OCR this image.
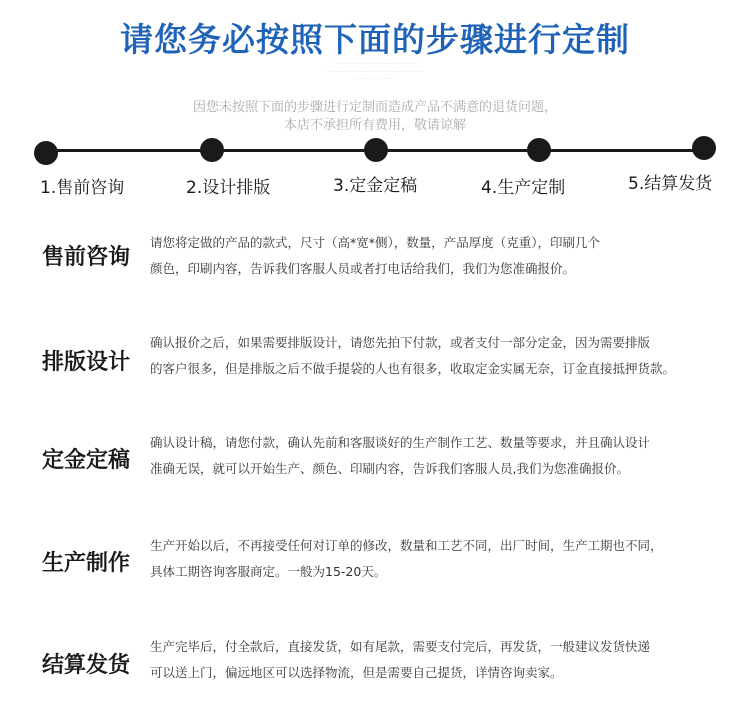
请您务必按照下面的步骤进行定制
··· ···· ··· ·· ······ ···· ··· ····· ···· ···· ·· ···· ··· ······
··· ···· ······ ··· ·· ····· ···· ··· ··· ····· ··· ······ ···· ·· ··· ·····
···· ····· ··· ···· ·· ···· ·····
因您未按照下面的步骤进行定制而造成产品不满意的退货问题，
本店不承担所有费用，敬请谅解
1.售前咨询	2.设计排版	3.定金定稿	4.生产定制	5.结算发货
售前咨询
请您将定做的产品的款式，尺寸（高*宽*侧），数量，产品厚度（克重），印刷几个
颜色，印刷内容，告诉我们客服人员或者打电话给我们，我们为您准确报价。
排版设计
确认报价之后，如果需要排版设计，请您先拍下付款，或者支付一部分定金，因为需要排版
的客户很多，但是排版之后不做手提袋的人也有很多，收取定金实属无奈，订金直接抵押货款。
定金定稿
确认设计稿，请您付款，确认先前和客服谈好的生产制作工艺、数量等要求，并且确认设计
准确无误，就可以开始生产、颜色、印刷内容，告诉我们客服人员,我们为您准确报价。
生产制作
生产开始以后，不再接受任何对订单的修改，数量和工艺不同，出厂时间，生产工期也不同，
具体工期咨询客服商定。一般为15-20天。
结算发货
生产完毕后，付全款后，直接发货，如有尾款，需要支付完后，再发货，一般建议发货快递
可以送上门，偏远地区可以选择物流，但是需要自己提货，详情咨询卖家。
